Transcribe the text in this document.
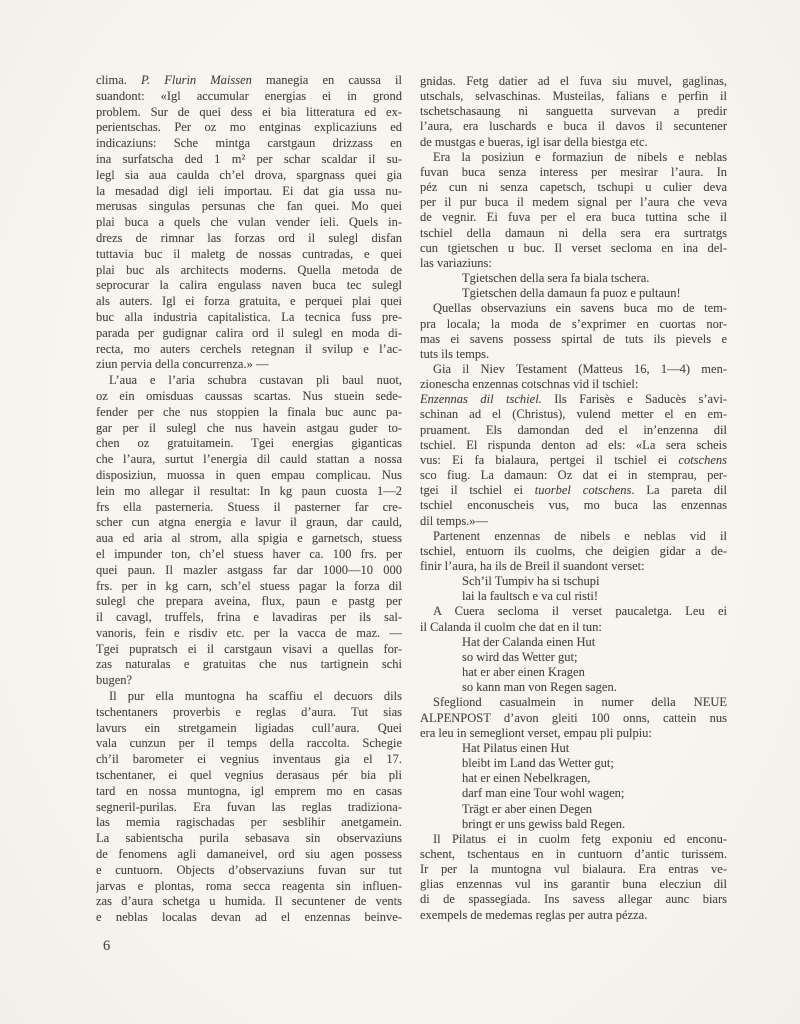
clima. P. Flurin Maissen manegia en caussa il
suandont: «Igl accumular energias ei in grond
problem. Sur de quei dess ei bia litteratura ed ex-
perientschas. Per oz mo entginas explicaziuns ed
indicaziuns: Sche mintga carstgaun drizzass en
ina surfatscha ded 1 m² per schar scaldar il su-
legl sia aua caulda ch’el drova, spargnass quei gia
la mesadad digl ieli importau. Ei dat gia ussa nu-
merusas singulas persunas che fan quei. Mo quei
plai buca a quels che vulan vender ieli. Quels in-
drezs de rimnar las forzas ord il sulegl disfan
tuttavia buc il maletg de nossas cuntradas, e quei
plai buc als architects moderns. Quella metoda de
seprocurar la calira engulass naven buca tec sulegl
als auters. Igl ei forza gratuita, e perquei plai quei
buc alla industria capitalistica. La tecnica fuss pre-
parada per gudignar calira ord il sulegl en moda di-
recta, mo auters cerchels retegnan il svilup e l’ac-
ziun pervia della concurrenza.» —
L’aua e l’aria schubra custavan pli baul nuot,
oz ein omisduas caussas scartas. Nus stuein sede-
fender per che nus stoppien la finala buc aunc pa-
gar per il sulegl che nus havein astgau guder to-
chen oz gratuitamein. Tgei energias giganticas
che l’aura, surtut l’energia dil cauld stattan a nossa
disposiziun, muossa in quen empau complicau. Nus
lein mo allegar il resultat: In kg paun cuosta 1—2
frs ella pasterneria. Stuess il pasterner far cre-
scher cun atgna energia e lavur il graun, dar cauld,
aua ed aria al strom, alla spigia e garnetsch, stuess
el impunder ton, ch’el stuess haver ca. 100 frs. per
quei paun. Il mazler astgass far dar 1000—10 000
frs. per in kg carn, sch’el stuess pagar la forza dil
sulegl che prepara aveina, flux, paun e pastg per
il cavagl, truffels, frina e lavadiras per ils sal-
vanoris, fein e risdiv etc. per la vacca de maz. —
Tgei pupratsch ei il carstgaun visavi a quellas for-
zas naturalas e gratuitas che nus tartignein schi
bugen?
Il pur ella muntogna ha scaffiu el decuors dils
tschentaners proverbis e reglas d’aura. Tut sias
lavurs ein stretgamein ligiadas cull’aura. Quei
vala cunzun per il temps della raccolta. Schegie
ch’il barometer ei vegnius inventaus gia el 17.
tschentaner, ei quel vegnius derasaus pér bia pli
tard en nossa muntogna, igl emprem mo en casas
segneril-purilas. Era fuvan las reglas tradiziona-
las memia ragischadas per sesblihir anetgamein.
La sabientscha purila sebasava sin observaziuns
de fenomens agli damaneivel, ord siu agen possess
e cuntuorn. Objects d’observaziuns fuvan sur tut
jarvas e plontas, roma secca reagenta sin influen-
zas d’aura schetga u humida. Il secuntener de vents
e neblas localas devan ad el enzennas beinve-
gnidas. Fetg datier ad el fuva siu muvel, gaglinas,
utschals, selvaschinas. Musteilas, falians e perfin il
tschetschasaung ni sanguetta survevan a predir
l’aura, era luschards e buca il davos il secuntener
de mustgas e bueras, igl isar della biestga etc.
Era la posiziun e formaziun de nibels e neblas
fuvan buca senza interess per mesirar l’aura. In
péz cun ni senza capetsch, tschupi u culier deva
per il pur buca il medem signal per l’aura che veva
de vegnir. Ei fuva per el era buca tuttina sche il
tschiel della damaun ni della sera era surtratgs
cun tgietschen u buc. Il verset secloma en ina del-
las variaziuns:
Tgietschen della sera fa biala tschera.
Tgietschen della damaun fa puoz e pultaun!
Quellas observaziuns ein savens buca mo de tem-
pra locala; la moda de s’exprimer en cuortas nor-
mas ei savens possess spirtal de tuts ils pievels e
tuts ils temps.
Gia il Niev Testament (Matteus 16, 1—4) men-
zionescha enzennas cotschnas vid il tschiel:
Enzennas dil tschiel. Ils Farisès e Saducès s’avi-
schinan ad el (Christus), vulend metter el en em-
pruament. Els damondan ded el in’enzenna dil
tschiel. El rispunda denton ad els: «La sera scheis
vus: Ei fa bialaura, pertgei il tschiel ei cotschens
sco fiug. La damaun: Oz dat ei in stemprau, per-
tgei il tschiel ei tuorbel cotschens. La pareta dil
tschiel enconuscheis vus, mo buca las enzennas
dil temps.»—
Partenent enzennas de nibels e neblas vid il
tschiel, entuorn ils cuolms, che deigien gidar a de-
finir l’aura, ha ils de Breil il suandont verset:
Sch’il Tumpiv ha si tschupi
lai la faultsch e va cul risti!
A Cuera secloma il verset paucaletga. Leu ei
il Calanda il cuolm che dat en il tun:
Hat der Calanda einen Hut
so wird das Wetter gut;
hat er aber einen Kragen
so kann man von Regen sagen.
Sfegliond casualmein in numer della NEUE
ALPENPOST d’avon gleiti 100 onns, cattein nus
era leu in semegliont verset, empau pli pulpiu:
Hat Pilatus einen Hut
bleibt im Land das Wetter gut;
hat er einen Nebelkragen,
darf man eine Tour wohl wagen;
Trägt er aber einen Degen
bringt er uns gewiss bald Regen.
Il Pilatus ei in cuolm fetg exponiu ed enconu-
schent, tschentaus en in cuntuorn d’antic turissem.
Ir per la muntogna vul bialaura. Era entras ve-
glias enzennas vul ins garantir buna elecziun dil
di de spassegiada. Ins savess allegar aunc biars
exempels de medemas reglas per autra pézza.
6
